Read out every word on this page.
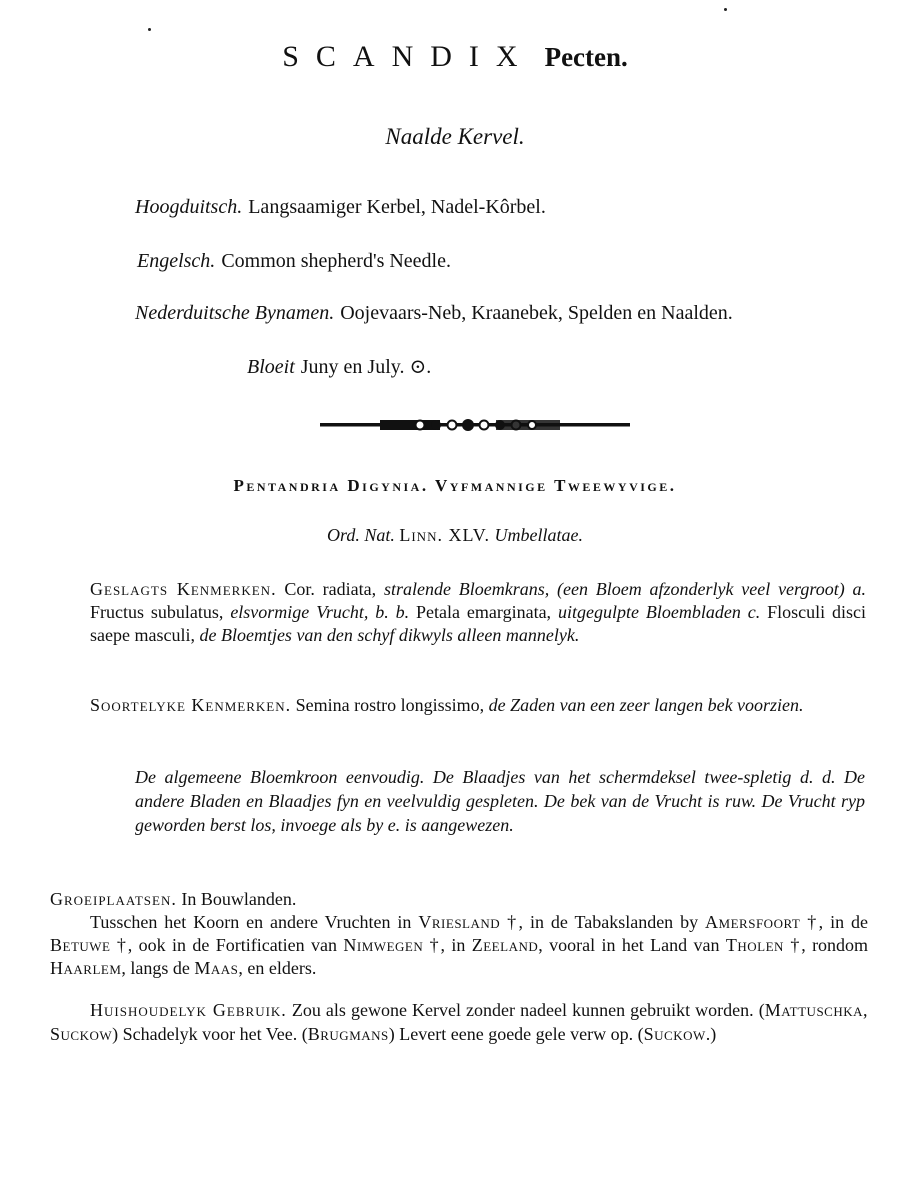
SCANDIX Pecten.
Naalde Kervel.
Hoogduitsch. Langsaamiger Kerbel, Nadel-Kôrbel.
Engelsch. Common shepherd's Needle.
Nederduitsche Bynamen. Oojevaars-Neb, Kraanebek, Spelden en Naalden.
Bloeit Juny en July. ⊙.
Pentandria Digynia. Vyfmannige Tweewyvige.
Ord. Nat. Linn. XLV. Umbellatae.
Geslagts Kenmerken. Cor. radiata, stralende Bloemkrans, (een Bloem afzonderlyk veel vergroot) a. Fructus subulatus, elsvormige Vrucht, b. b. Petala emarginata, uitgegulpte Bloembladen c. Flosculi disci saepe masculi, de Bloemtjes van den schyf dikwyls alleen mannelyk.
Soortelyke Kenmerken. Semina rostro longissimo, de Zaden van een zeer langen bek voorzien.
De algemeene Bloemkroon eenvoudig. De Blaadjes van het schermdeksel twee-spletig d. d. De andere Bladen en Blaadjes fyn en veelvuldig gespleten. De bek van de Vrucht is ruw. De Vrucht ryp geworden berst los, invoege als by e. is aangewezen.
Groeiplaatsen. In Bouwlanden.
Tusschen het Koorn en andere Vruchten in Vriesland †, in de Tabakslanden by Amersfoort †, in de Betuwe †, ook in de Fortificatien van Nimwegen †, in Zeeland, vooral in het Land van Tholen †, rondom Haarlem, langs de Maas, en elders.
Huishoudelyk Gebruik. Zou als gewone Kervel zonder nadeel kunnen gebruikt worden. (Mattuschka, Suckow) Schadelyk voor het Vee. (Brugmans) Levert eene goede gele verw op. (Suckow.)
